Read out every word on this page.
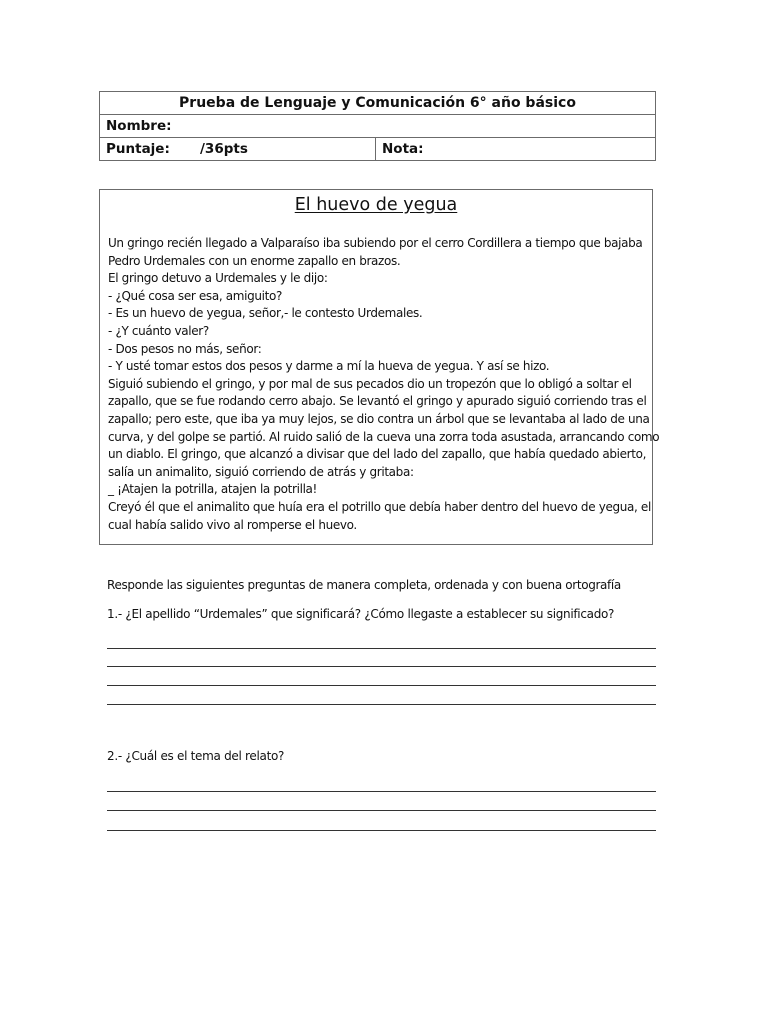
Prueba de Lenguaje y Comunicación 6° año básico
Nombre:
Puntaje: /36pts	Nota:
El huevo de yegua
Un gringo recién llegado a Valparaíso iba subiendo por el cerro Cordillera a tiempo que bajaba
Pedro Urdemales con un enorme zapallo en brazos.
El gringo detuvo a Urdemales y le dijo:
- ¿Qué cosa ser esa, amiguito?
- Es un huevo de yegua, señor,- le contesto Urdemales.
- ¿Y cuánto valer?
- Dos pesos no más, señor:
- Y usté tomar estos dos pesos y darme a mí la hueva de yegua. Y así se hizo.
Siguió subiendo el gringo, y por mal de sus pecados dio un tropezón que lo obligó a soltar el
zapallo, que se fue rodando cerro abajo. Se levantó el gringo y apurado siguió corriendo tras el
zapallo; pero este, que iba ya muy lejos, se dio contra un árbol que se levantaba al lado de una
curva, y del golpe se partió. Al ruido salió de la cueva una zorra toda asustada, arrancando como
un diablo. El gringo, que alcanzó a divisar que del lado del zapallo, que había quedado abierto,
salía un animalito, siguió corriendo de atrás y gritaba:
_ ¡Atajen la potrilla, atajen la potrilla!
Creyó él que el animalito que huía era el potrillo que debía haber dentro del huevo de yegua, el
cual había salido vivo al romperse el huevo.
Responde las siguientes preguntas de manera completa, ordenada y con buena ortografía
1.- ¿El apellido “Urdemales” que significará? ¿Cómo llegaste a establecer su significado?
2.- ¿Cuál es el tema del relato?
